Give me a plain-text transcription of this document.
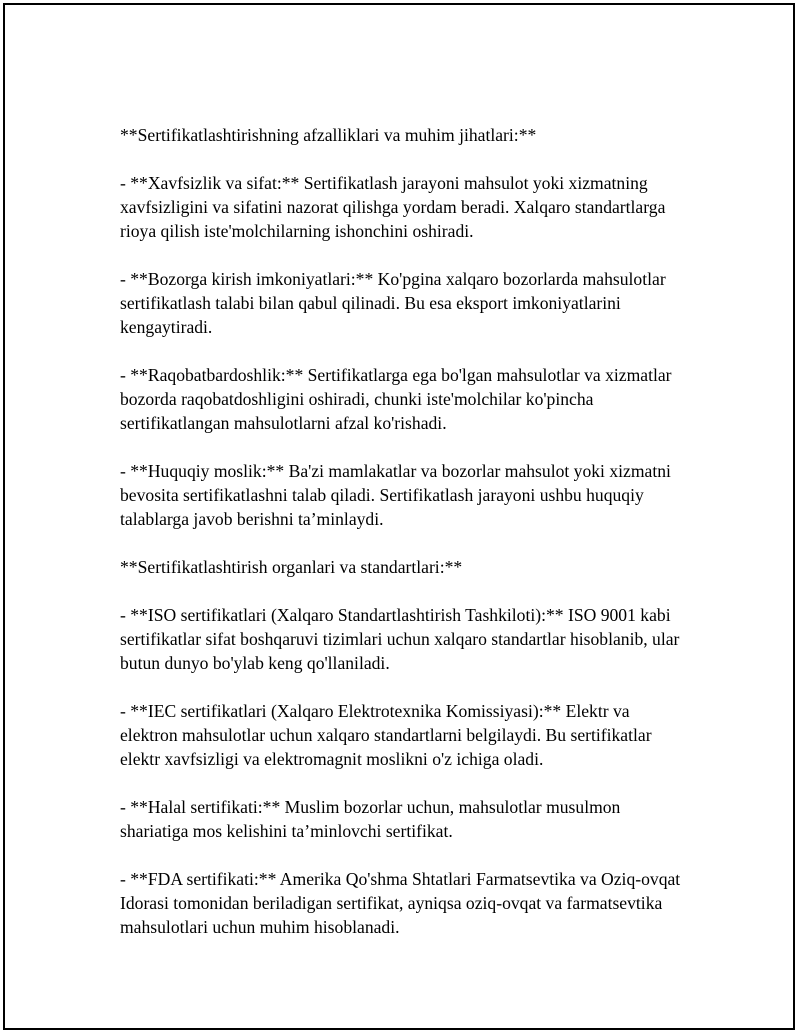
**Sertifikatlashtirishning afzalliklari va muhim jihatlari:**

- **Xavfsizlik va sifat:** Sertifikatlash jarayoni mahsulot yoki xizmatning xavfsizligini va sifatini nazorat qilishga yordam beradi. Xalqaro standartlarga rioya qilish iste'molchilarning ishonchini oshiradi.

- **Bozorga kirish imkoniyatlari:** Ko'pgina xalqaro bozorlarda mahsulotlar sertifikatlash talabi bilan qabul qilinadi. Bu esa eksport imkoniyatlarini kengaytiradi.

- **Raqobatbardoshlik:** Sertifikatlarga ega bo'lgan mahsulotlar va xizmatlar bozorda raqobatdoshligini oshiradi, chunki iste'molchilar ko'pincha sertifikatlangan mahsulotlarni afzal ko'rishadi.

- **Huquqiy moslik:** Ba'zi mamlakatlar va bozorlar mahsulot yoki xizmatni bevosita sertifikatlashni talab qiladi. Sertifikatlash jarayoni ushbu huquqiy talablarga javob berishni ta’minlaydi.

**Sertifikatlashtirish organlari va standartlari:**

- **ISO sertifikatlari (Xalqaro Standartlashtirish Tashkiloti):** ISO 9001 kabi sertifikatlar sifat boshqaruvi tizimlari uchun xalqaro standartlar hisoblanib, ular butun dunyo bo'ylab keng qo'llaniladi.

- **IEC sertifikatlari (Xalqaro Elektrotexnika Komissiyasi):** Elektr va elektron mahsulotlar uchun xalqaro standartlarni belgilaydi. Bu sertifikatlar elektr xavfsizligi va elektromagnit moslikni o'z ichiga oladi.

- **Halal sertifikati:** Muslim bozorlar uchun, mahsulotlar musulmon shariatiga mos kelishini ta’minlovchi sertifikat.

- **FDA sertifikati:** Amerika Qo'shma Shtatlari Farmatsevtika va Oziq-ovqat Idorasi tomonidan beriladigan sertifikat, ayniqsa oziq-ovqat va farmatsevtika mahsulotlari uchun muhim hisoblanadi.
